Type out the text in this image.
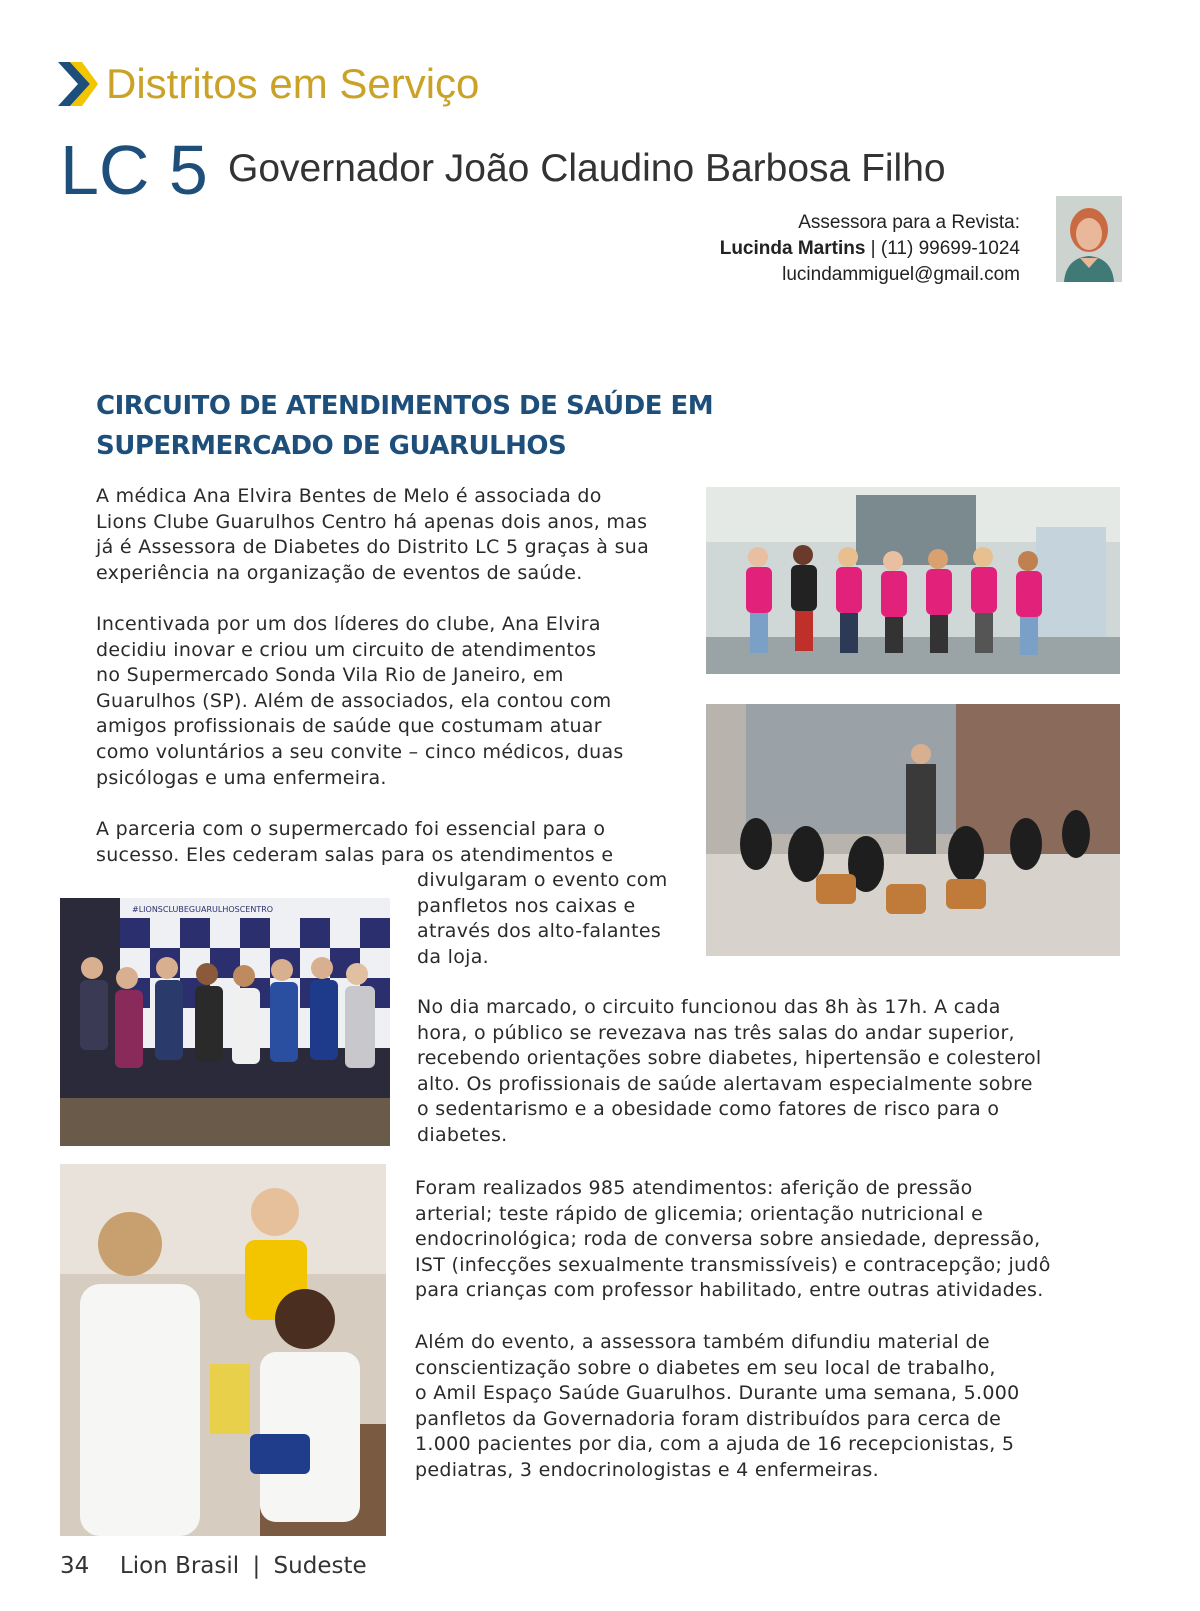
Distritos em Serviço
LC 5 Governador João Claudino Barbosa Filho
Assessora para a Revista:
Lucinda Martins | (11) 99699-1024
lucindammiguel@gmail.com
CIRCUITO DE ATENDIMENTOS DE SAÚDE EM
SUPERMERCADO DE GUARULHOS

A médica Ana Elvira Bentes de Melo é associada do

Lions Clube Guarulhos Centro há apenas dois anos, mas

já é Assessora de Diabetes do Distrito LC 5 graças à sua

experiência na organização de eventos de saúde.

Incentivada por um dos líderes do clube, Ana Elvira

decidiu inovar e criou um circuito de atendimentos

no Supermercado Sonda Vila Rio de Janeiro, em

Guarulhos (SP). Além de associados, ela contou com

amigos profissionais de saúde que costumam atuar

como voluntários a seu convite – cinco médicos, duas

psicólogas e uma enfermeira.

A parceria com o supermercado foi essencial para o

sucesso. Eles cederam salas para os atendimentos e

divulgaram o evento com

panfletos nos caixas e

através dos alto-falantes

da loja.

No dia marcado, o circuito funcionou das 8h às 17h. A cada

hora, o público se revezava nas três salas do andar superior,

recebendo orientações sobre diabetes, hipertensão e colesterol

alto. Os profissionais de saúde alertavam especialmente sobre

o sedentarismo e a obesidade como fatores de risco para o

diabetes.

Foram realizados 985 atendimentos: aferição de pressão

arterial; teste rápido de glicemia; orientação nutricional e

endocrinológica; roda de conversa sobre ansiedade, depressão,

IST (infecções sexualmente transmissíveis) e contracepção; judô

para crianças com professor habilitado, entre outras atividades.

Além do evento, a assessora também difundiu material de

conscientização sobre o diabetes em seu local de trabalho,

o Amil Espaço Saúde Guarulhos. Durante uma semana, 5.000

panfletos da Governadoria foram distribuídos para cerca de

1.000 pacientes por dia, com a ajuda de 16 recepcionistas, 5

pediatras, 3 endocrinologistas e 4 enfermeiras.

#LIONSCLUBEGUARULHOSCENTRO
34 Lion Brasil | Sudeste
